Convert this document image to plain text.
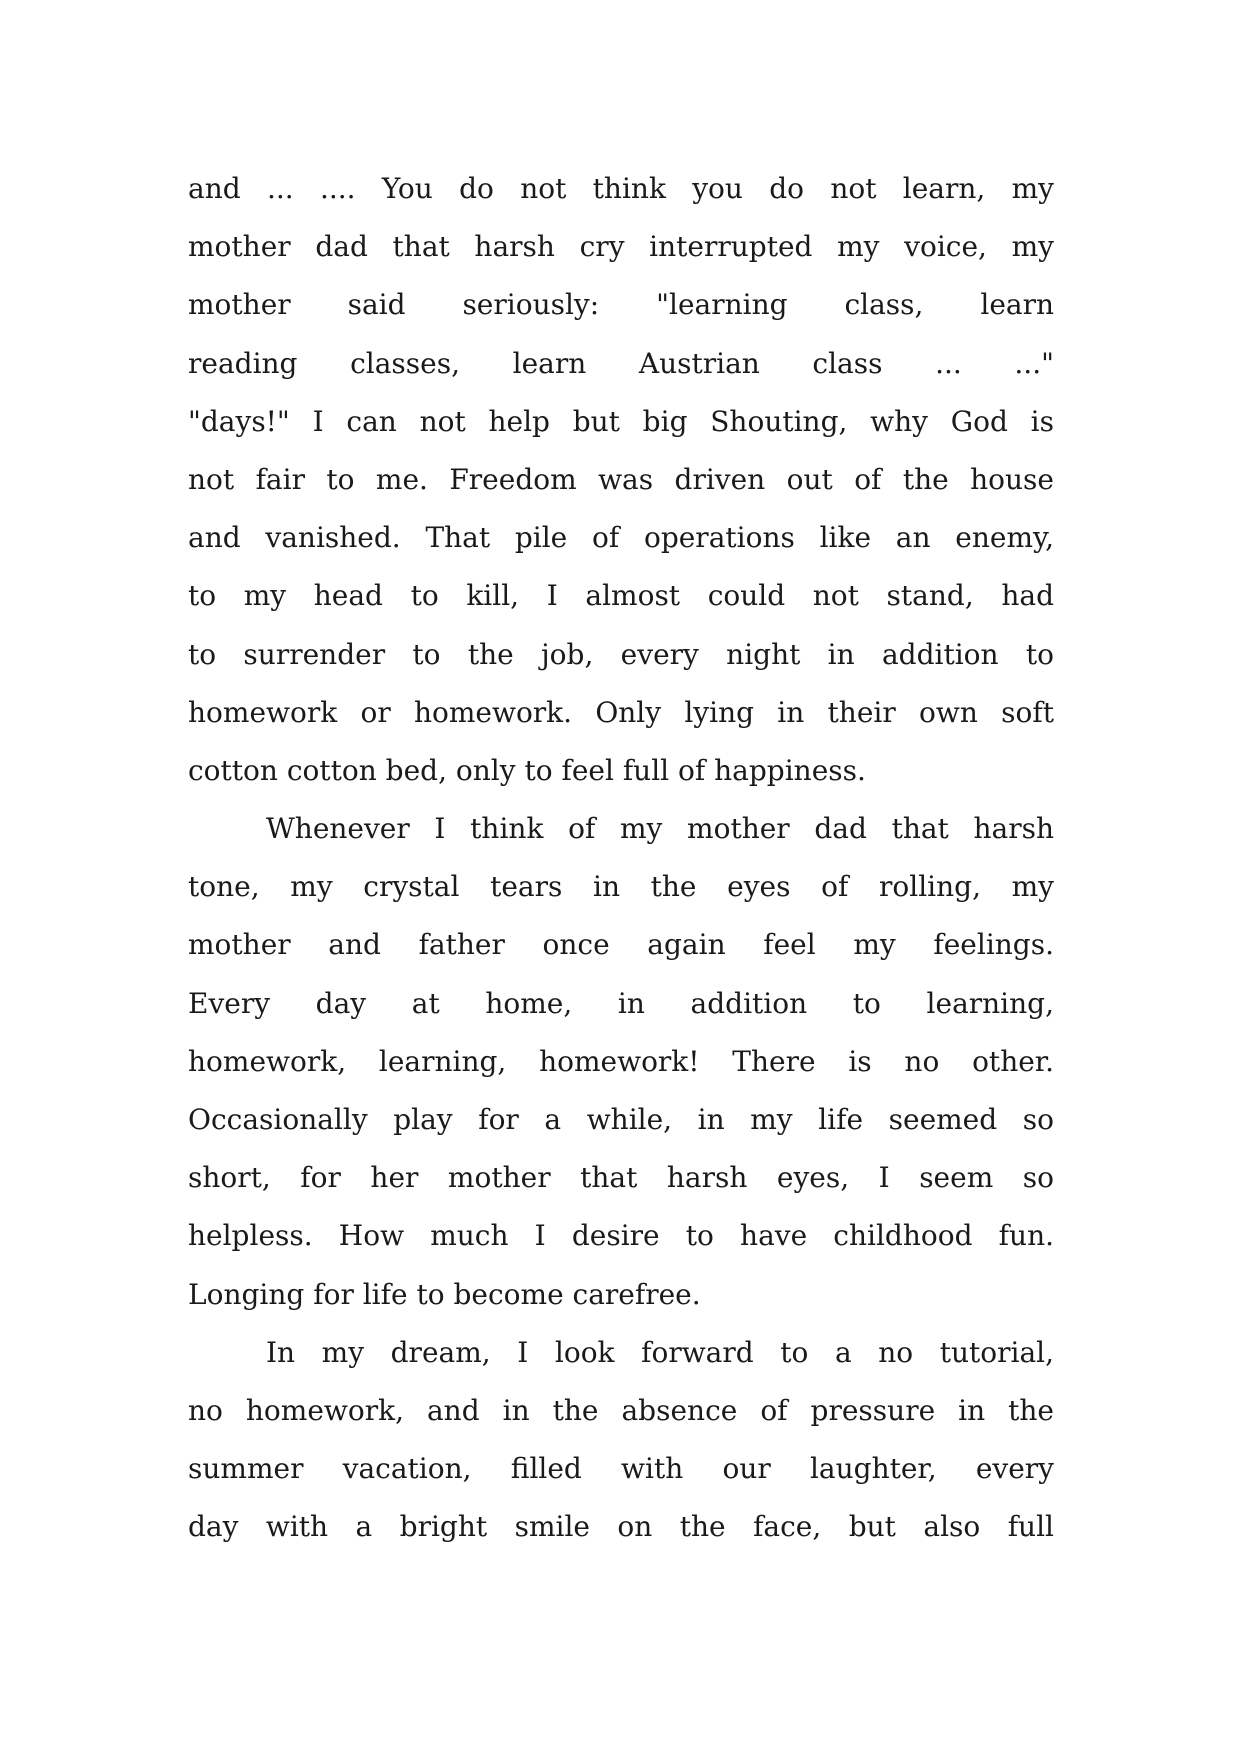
and ... .... You do not think you do not learn, my
mother dad that harsh cry interrupted my voice, my
mother said seriously: "learning class, learn
reading classes, learn Austrian class ... ..."
"days!" I can not help but big Shouting, why God is
not fair to me. Freedom was driven out of the house
and vanished. That pile of operations like an enemy,
to my head to kill, I almost could not stand, had
to surrender to the job, every night in addition to
homework or homework. Only lying in their own soft
cotton cotton bed, only to feel full of happiness.
Whenever I think of my mother dad that harsh
tone, my crystal tears in the eyes of rolling, my
mother and father once again feel my feelings.
Every day at home, in addition to learning,
homework, learning, homework! There is no other.
Occasionally play for a while, in my life seemed so
short, for her mother that harsh eyes, I seem so
helpless. How much I desire to have childhood fun.
Longing for life to become carefree.
In my dream, I look forward to a no tutorial,
no homework, and in the absence of pressure in the
summer vacation, filled with our laughter, every
day with a bright smile on the face, but also full
